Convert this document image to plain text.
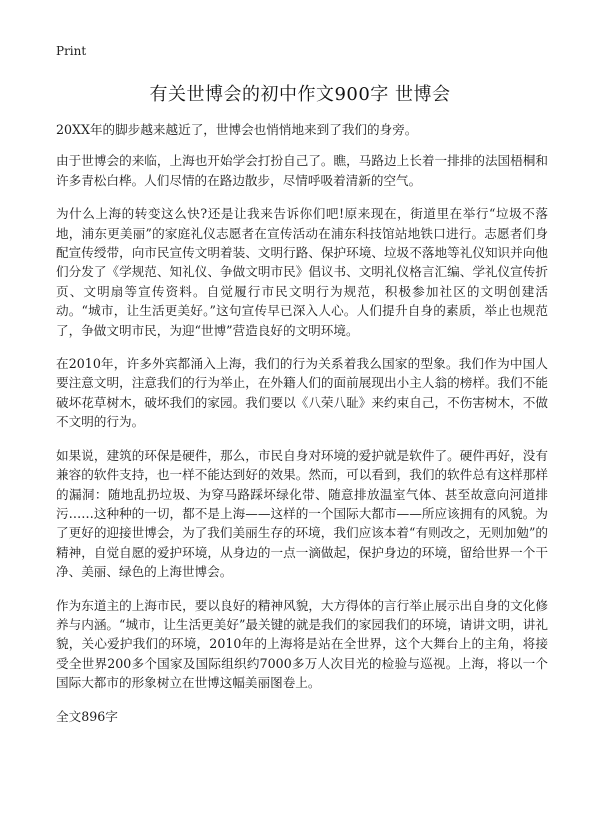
Print
有关世博会的初中作文900字 世博会

20XX年的脚步越来越近了，世博会也悄悄地来到了我们的身旁。

由于世博会的来临，上海也开始学会打扮自己了。瞧，马路边上长着一排排的法国梧桐和许多青松白桦。人们尽情的在路边散步，尽情呼吸着清新的空气。

为什么上海的转变这么快?还是让我来告诉你们吧!原来现在，街道里在举行“垃圾不落地，浦东更美丽”的家庭礼仪志愿者在宣传活动在浦东科技馆站地铁口进行。志愿者们身配宣传绶带，向市民宣传文明着装、文明行路、保护环境、垃圾不落地等礼仪知识并向他们分发了《学规范、知礼仪、争做文明市民》倡议书、文明礼仪格言汇编、学礼仪宣传折页、文明扇等宣传资料。自觉履行市民文明行为规范，积极参加社区的文明创建活动。“城市，让生活更美好。”这句宣传早已深入人心。人们提升自身的素质，举止也规范了，争做文明市民，为迎“世博”营造良好的文明环境。

在2010年，许多外宾都涌入上海，我们的行为关系着我么国家的型象。我们作为中国人要注意文明，注意我们的行为举止，在外籍人们的面前展现出小主人翁的榜样。我们不能破坏花草树木，破坏我们的家园。我们要以《八荣八耻》来约束自己，不伤害树木，不做不文明的行为。

如果说，建筑的环保是硬件，那么，市民自身对环境的爱护就是软件了。硬件再好，没有兼容的软件支持，也一样不能达到好的效果。然而，可以看到，我们的软件总有这样那样的漏洞：随地乱扔垃圾、为穿马路踩坏绿化带、随意排放温室气体、甚至故意向河道排污……这种种的一切，都不是上海——这样的一个国际大都市——所应该拥有的风貌。为了更好的迎接世博会，为了我们美丽生存的环境，我们应该本着“有则改之，无则加勉”的精神，自觉自愿的爱护环境，从身边的一点一滴做起，保护身边的环境，留给世界一个干净、美丽、绿色的上海世博会。

作为东道主的上海市民，要以良好的精神风貌，大方得体的言行举止展示出自身的文化修养与内涵。“城市，让生活更美好”最关键的就是我们的家园我们的环境，请讲文明，讲礼貌，关心爱护我们的环境，2010年的上海将是站在全世界，这个大舞台上的主角，将接受全世界200多个国家及国际组织约7000多万人次目光的检验与巡视。上海，将以一个国际大都市的形象树立在世博这幅美丽图卷上。

全文896字
